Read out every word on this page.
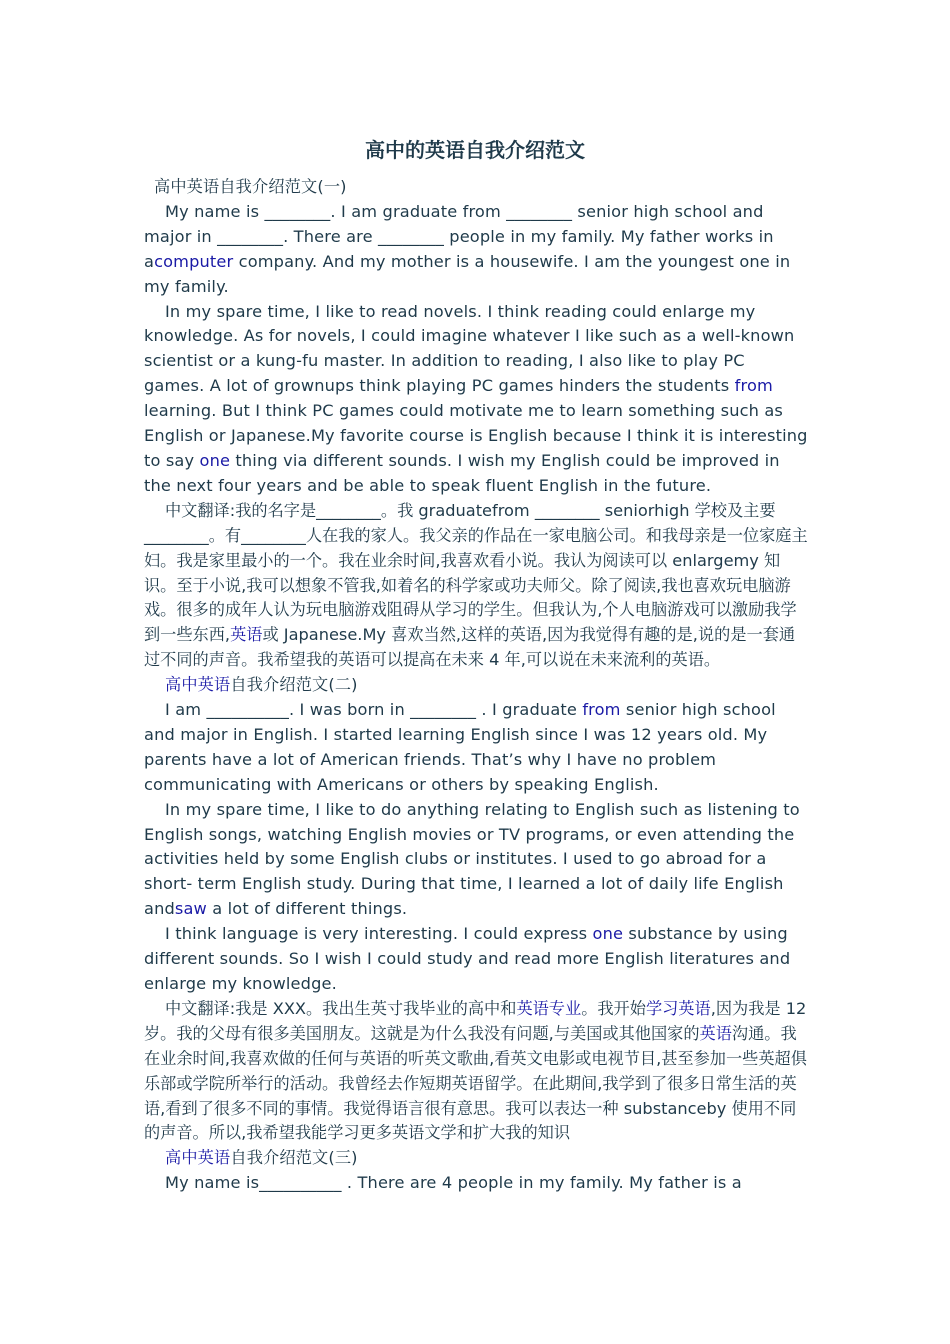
高中的英语自我介绍范文

高中英语自我介绍范文(一)

My name is ________. I am graduate from ________ senior high school and major in ________. There are ________ people in my family. My father works in acomputer company. And my mother is a housewife. I am the youngest one in my family.

In my spare time, I like to read novels. I think reading could enlarge my knowledge. As for novels, I could imagine whatever I like such as a well-known scientist or a kung-fu master. In addition to reading, I also like to play PC games. A lot of grownups think playing PC games hinders the students from learning. But I think PC games could motivate me to learn something such as English or Japanese.My favorite course is English because I think it is interesting to say one thing via different sounds. I wish my English could be improved in the next four years and be able to speak fluent English in the future.

中文翻译:我的名字是________。我 graduatefrom ________ seniorhigh 学校及主要________。有________人在我的家人。我父亲的作品在一家电脑公司。和我母亲是一位家庭主妇。我是家里最小的一个。我在业余时间,我喜欢看小说。我认为阅读可以 enlargemy 知识。至于小说,我可以想象不管我,如着名的科学家或功夫师父。除了阅读,我也喜欢玩电脑游戏。很多的成年人认为玩电脑游戏阻碍从学习的学生。但我认为,个人电脑游戏可以激励我学到一些东西,英语或 Japanese.My 喜欢当然,这样的英语,因为我觉得有趣的是,说的是一套通过不同的声音。我希望我的英语可以提高在未来 4 年,可以说在未来流利的英语。

高中英语自我介绍范文(二)

I am __________. I was born in ________ . I graduate from senior high school and major in English. I started learning English since I was 12 years old. My parents have a lot of American friends. That’s why I have no problem communicating with Americans or others by speaking English.

In my spare time, I like to do anything relating to English such as listening to English songs, watching English movies or TV programs, or even attending the activities held by some English clubs or institutes. I used to go abroad for a short- term English study. During that time, I learned a lot of daily life English andsaw a lot of different things.

I think language is very interesting. I could express one substance by using different sounds. So I wish I could study and read more English literatures and enlarge my knowledge.

中文翻译:我是 XXX。我出生英寸我毕业的高中和英语专业。我开始学习英语,因为我是 12 岁。我的父母有很多美国朋友。这就是为什么我没有问题,与美国或其他国家的英语沟通。我在业余时间,我喜欢做的任何与英语的听英文歌曲,看英文电影或电视节目,甚至参加一些英超俱乐部或学院所举行的活动。我曾经去作短期英语留学。在此期间,我学到了很多日常生活的英语,看到了很多不同的事情。我觉得语言很有意思。我可以表达一种 substanceby 使用不同的声音。所以,我希望我能学习更多英语文学和扩大我的知识

高中英语自我介绍范文(三)

My name is__________ . There are 4 people in my family. My father is a
